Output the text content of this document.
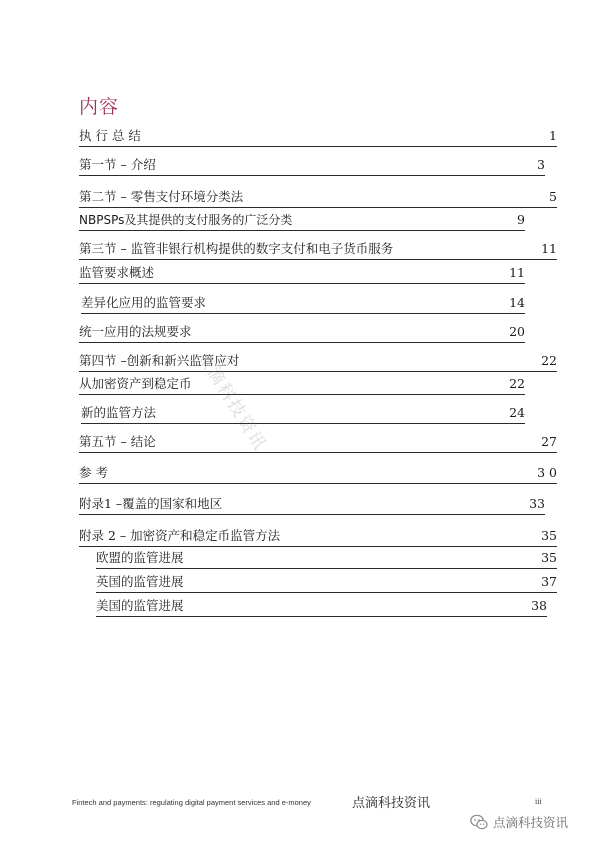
内容
执 行 总 结	1
第一节 – 介绍	3
第二节 – 零售支付环境分类法	5
NBPSPs及其提供的支付服务的广泛分类	9
第三节 – 监管非银行机构提供的数字支付和电子货币服务	11
监管要求概述	11
差异化应用的监管要求	14
统一应用的法规要求	20
第四节 –创新和新兴监管应对	22
从加密资产到稳定币	22
新的监管方法	24
第五节 – 结论	27
参 考	3 0
附录1 –覆盖的国家和地区	33
附录 2 – 加密资产和稳定币监管方法	35
欧盟的监管进展	35
英国的监管进展	37
美国的监管进展	38
点滴科技资讯
Fintech and payments: regulating digital payment services and e-money	点滴科技资讯	iii
点滴科技资讯
